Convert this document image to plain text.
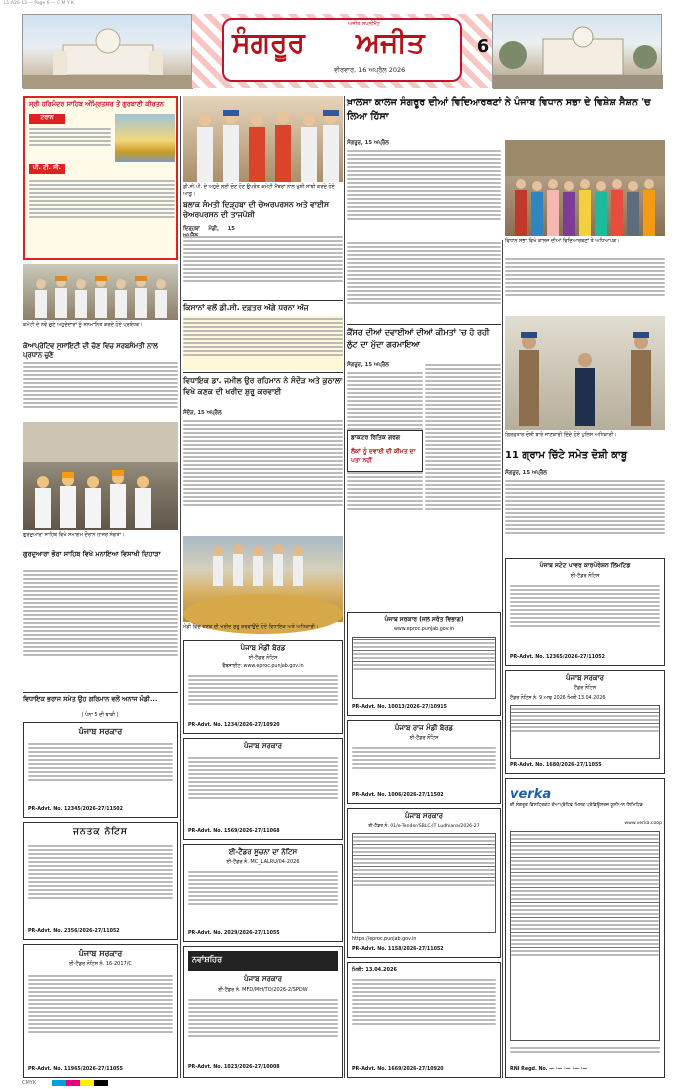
L1-A26-13 — Page 6 — C M Y K
ਅਜੀਤ ਸਪਲੀਮੈਂਟ
ਸੰਗਰੂਰ	ਅਜੀਤ
ਵੀਰਵਾਰ, 16 ਅਪ੍ਰੈਲ 2026
6
ਸ੍ਰੀ ਹਰਿਮੰਦਰ ਸਾਹਿਬ ਅੰਮ੍ਰਿਤਸਰ ਤੋਂ ਗੁਰਬਾਣੀ ਕੀਰਤਨ
ਟਰਾਨ
ਪੀ. ਟੀ. ਸੀ.
ਕਮੇਟੀ ਦੇ ਨਵੇਂ ਚੁਣੇ ਅਹੁਦੇਦਾਰਾਂ ਨੂੰ ਸਨਮਾਨਿਤ ਕਰਦੇ ਹੋਏ ਪ੍ਰਬੰਧਕ।
ਕੋਆਪ੍ਰੇਟਿਵ ਸੁਸਾਇਟੀ ਦੀ ਚੋਣ ਵਿਚ ਸਰਬਸੰਮਤੀ ਨਾਲ ਪ੍ਰਧਾਨ ਚੁਣੇ
ਗੁਰਦੁਆਰਾ ਸਾਹਿਬ ਵਿਖੇ ਸਮਾਗਮ ਦੌਰਾਨ ਹਾਜ਼ਰ ਸੰਗਤਾਂ।
ਗੁਰਦੁਆਰਾ ਭੋਰਾ ਸਾਹਿਬ ਵਿਖੇ ਮਨਾਇਆ ਵਿਸਾਖੀ ਦਿਹਾੜਾ
ਵਿਧਾਇਕ ਭਰਾਜ ਸਮੇਤ ਉਹ ਗਰਿਮਾਨ ਵਲੋਂ ਅਨਾਜ ਮੰਡੀ...
( ਪੰਨਾ 5 ਦੀ ਬਾਕੀ )
ਪੰਜਾਬ ਸਰਕਾਰ
PR-Advt. No. 12345/2026-27/11502
ਜਨਤਕ ਨੋਟਿਸ
PR-Advt. No. 2356/2026-27/11052
ਪੰਜਾਬ ਸਰਕਾਰ
ਈ-ਟੈਂਡਰ ਨੋਟਿਸ ਨੰ. 16-2017/C
PR-Advt. No. 11965/2026-27/11055
ਡੀ.ਸੀ.ਪੀ. ਦੇ ਅਹੁਦੇ ਲਈ ਚੋਣ ਹੋਣ ਉਪਰੰਤ ਕਮੇਟੀ ਮੈਂਬਰਾਂ ਨਾਲ ਖੁਸ਼ੀ ਸਾਂਝੀ ਕਰਦੇ ਹੋਏ ਆਗੂ।
ਬਲਾਕ ਸੰਮਤੀ ਦਿੜ੍ਹਬਾ ਦੀ ਚੇਅਰਪਰਸਨ ਅਤੇ ਵਾਈਸ ਚੇਅਰਪਰਸਨ ਦੀ ਤਾਜਪੋਸ਼ੀ
ਦਿੜ੍ਹਬਾ ਮੰਡੀ, 15
ਕਿਸਾਨਾਂ ਵਲੋਂ ਡੀ.ਸੀ. ਦਫ਼ਤਰ ਅੱਗੇ ਧਰਨਾ ਅੱਜ
ਵਿਧਾਇਕ ਡਾ. ਜਮੀਲ ਉਰ ਰਹਿਮਾਨ ਨੇ ਸੰਦੌੜ ਅਤੇ ਕੁਠਾਲਾ ਵਿਖੇ ਕਣਕ ਦੀ ਖਰੀਦ ਸ਼ੁਰੂ ਕਰਵਾਈ
ਸੰਦੌੜ, 15 ਅਪ੍ਰੈਲ
ਮੰਡੀ ਵਿਚ ਕਣਕ ਦੀ ਖਰੀਦ ਸ਼ੁਰੂ ਕਰਵਾਉਂਦੇ ਹੋਏ ਵਿਧਾਇਕ ਅਤੇ ਅਧਿਕਾਰੀ।
ਪੰਜਾਬ ਮੰਡੀ ਬੋਰਡ
ਈ-ਟੈਂਡਰ ਨੋਟਿਸ
ਵੈੱਬਸਾਈਟ: www.eproc.punjab.gov.in
PR-Advt. No. 1234/2026-27/10920
ਪੰਜਾਬ ਸਰਕਾਰ
PR-Advt. No. 1569/2026-27/11068
ਈ-ਟੈਂਡਰ ਸੂਚਨਾ ਦਾ ਨੋਟਿਸ
ਈ-ਟੈਂਡਰ ਨੰ. MC_LALRU/04-2026
PR-Advt. No. 2029/2026-27/11055
ਨਵਾਂਸ਼ਹਿਰ
ਪੰਜਾਬ ਸਰਕਾਰ
ਈ-ਟੈਂਡਰ ਨੰ. MFD/MH/TO/2026-2/SPDW
PR-Advt. No. 1023/2026-27/10008
ਕੈਂਸਰ ਦੀਆਂ ਦਵਾਈਆਂ ਦੀਆਂ ਕੀਮਤਾਂ 'ਚ ਹੋ ਰਹੀ ਲੁੱਟ ਦਾ ਮੁੱਦਾ ਗਰਮਾਇਆ
ਸੰਗਰੂਰ, 15 ਅਪ੍ਰੈਲ
ਡਾਕਟਰ ਰਿਤਿਕ ਗਰਗ
ਲੋਕਾਂ ਨੂੰ ਦਵਾਈ ਦੀ ਕੀਮਤ ਦਾ ਪਤਾ ਨਹੀਂ
ਪੰਜਾਬ ਸਰਕਾਰ (ਜਲ ਸਰੋਤ ਵਿਭਾਗ)
www.eproc.punjab.gov.in
PR-Advt. No. 10013/2026-27/10915
ਪੰਜਾਬ ਰਾਜ ਮੰਡੀ ਬੋਰਡ
ਈ-ਟੈਂਡਰ ਨੋਟਿਸ
PR-Advt. No. 1006/2026-27/11502
ਪੰਜਾਬ ਸਰਕਾਰ
ਈ-ਟੈਂਡਰ ਨੰ. 01/e-Tender/SBLC-IT Ludhiana/2026-27
https://eproc.punjab.gov.in
PR-Advt. No. 1158/2026-27/11052
ਮਿਤੀ: 13.04.2026
PR-Advt. No. 1669/2026-27/10920
ਖ਼ਾਲਸਾ ਕਾਲਜ ਸੰਗਰੂਰ ਦੀਆਂ ਵਿਦਿਆਰਥਣਾਂ ਨੇ ਪੰਜਾਬ ਵਿਧਾਨ ਸਭਾ ਦੇ ਵਿਸ਼ੇਸ਼ ਸੈਸ਼ਨ 'ਚ ਲਿਆ ਹਿੱਸਾ
ਸੰਗਰੂਰ, 15 ਅਪ੍ਰੈਲ
ਵਿਧਾਨ ਸਭਾ ਵਿਖੇ ਕਾਲਜ ਦੀਆਂ ਵਿਦਿਆਰਥਣਾਂ ਤੇ ਅਧਿਆਪਕ।
ਗ੍ਰਿਫ਼ਤਾਰ ਦੋਸ਼ੀ ਬਾਰੇ ਜਾਣਕਾਰੀ ਦਿੰਦੇ ਹੋਏ ਪੁਲਿਸ ਅਧਿਕਾਰੀ।
11 ਗ੍ਰਾਮ ਚਿੱਟੇ ਸਮੇਤ ਦੋਸ਼ੀ ਕਾਬੂ
ਸੰਗਰੂਰ, 15 ਅਪ੍ਰੈਲ
ਪੰਜਾਬ ਸਟੇਟ ਪਾਵਰ ਕਾਰਪੋਰੇਸ਼ਨ ਲਿਮਟਿਡ
ਈ-ਟੈਂਡਰ ਨੋਟਿਸ
PR-Advt. No. 12365/2026-27/11052
ਪੰਜਾਬ ਸਰਕਾਰ
ਟੈਂਡਰ ਨੋਟਿਸ
ਟੈਂਡਰ ਨੋਟਿਸ ਨੰ. 9 ਆਫ 2026 ਮਿਤੀ 13.04.2026
PR-Advt. No. 1680/2026-27/11055
verka
ਦੀ ਸੰਗਰੂਰ ਡਿਸਟ੍ਰਿਕਟ ਕੋਆਪ੍ਰੇਟਿਵ ਮਿਲਕ ਪ੍ਰੋਡਿਊਸਰਜ਼ ਯੂਨੀਅਨ ਲਿਮਿਟਿਡ
www.verka.coop
RNI Regd. No. — ·— ·— ·— ·—
CMYK
